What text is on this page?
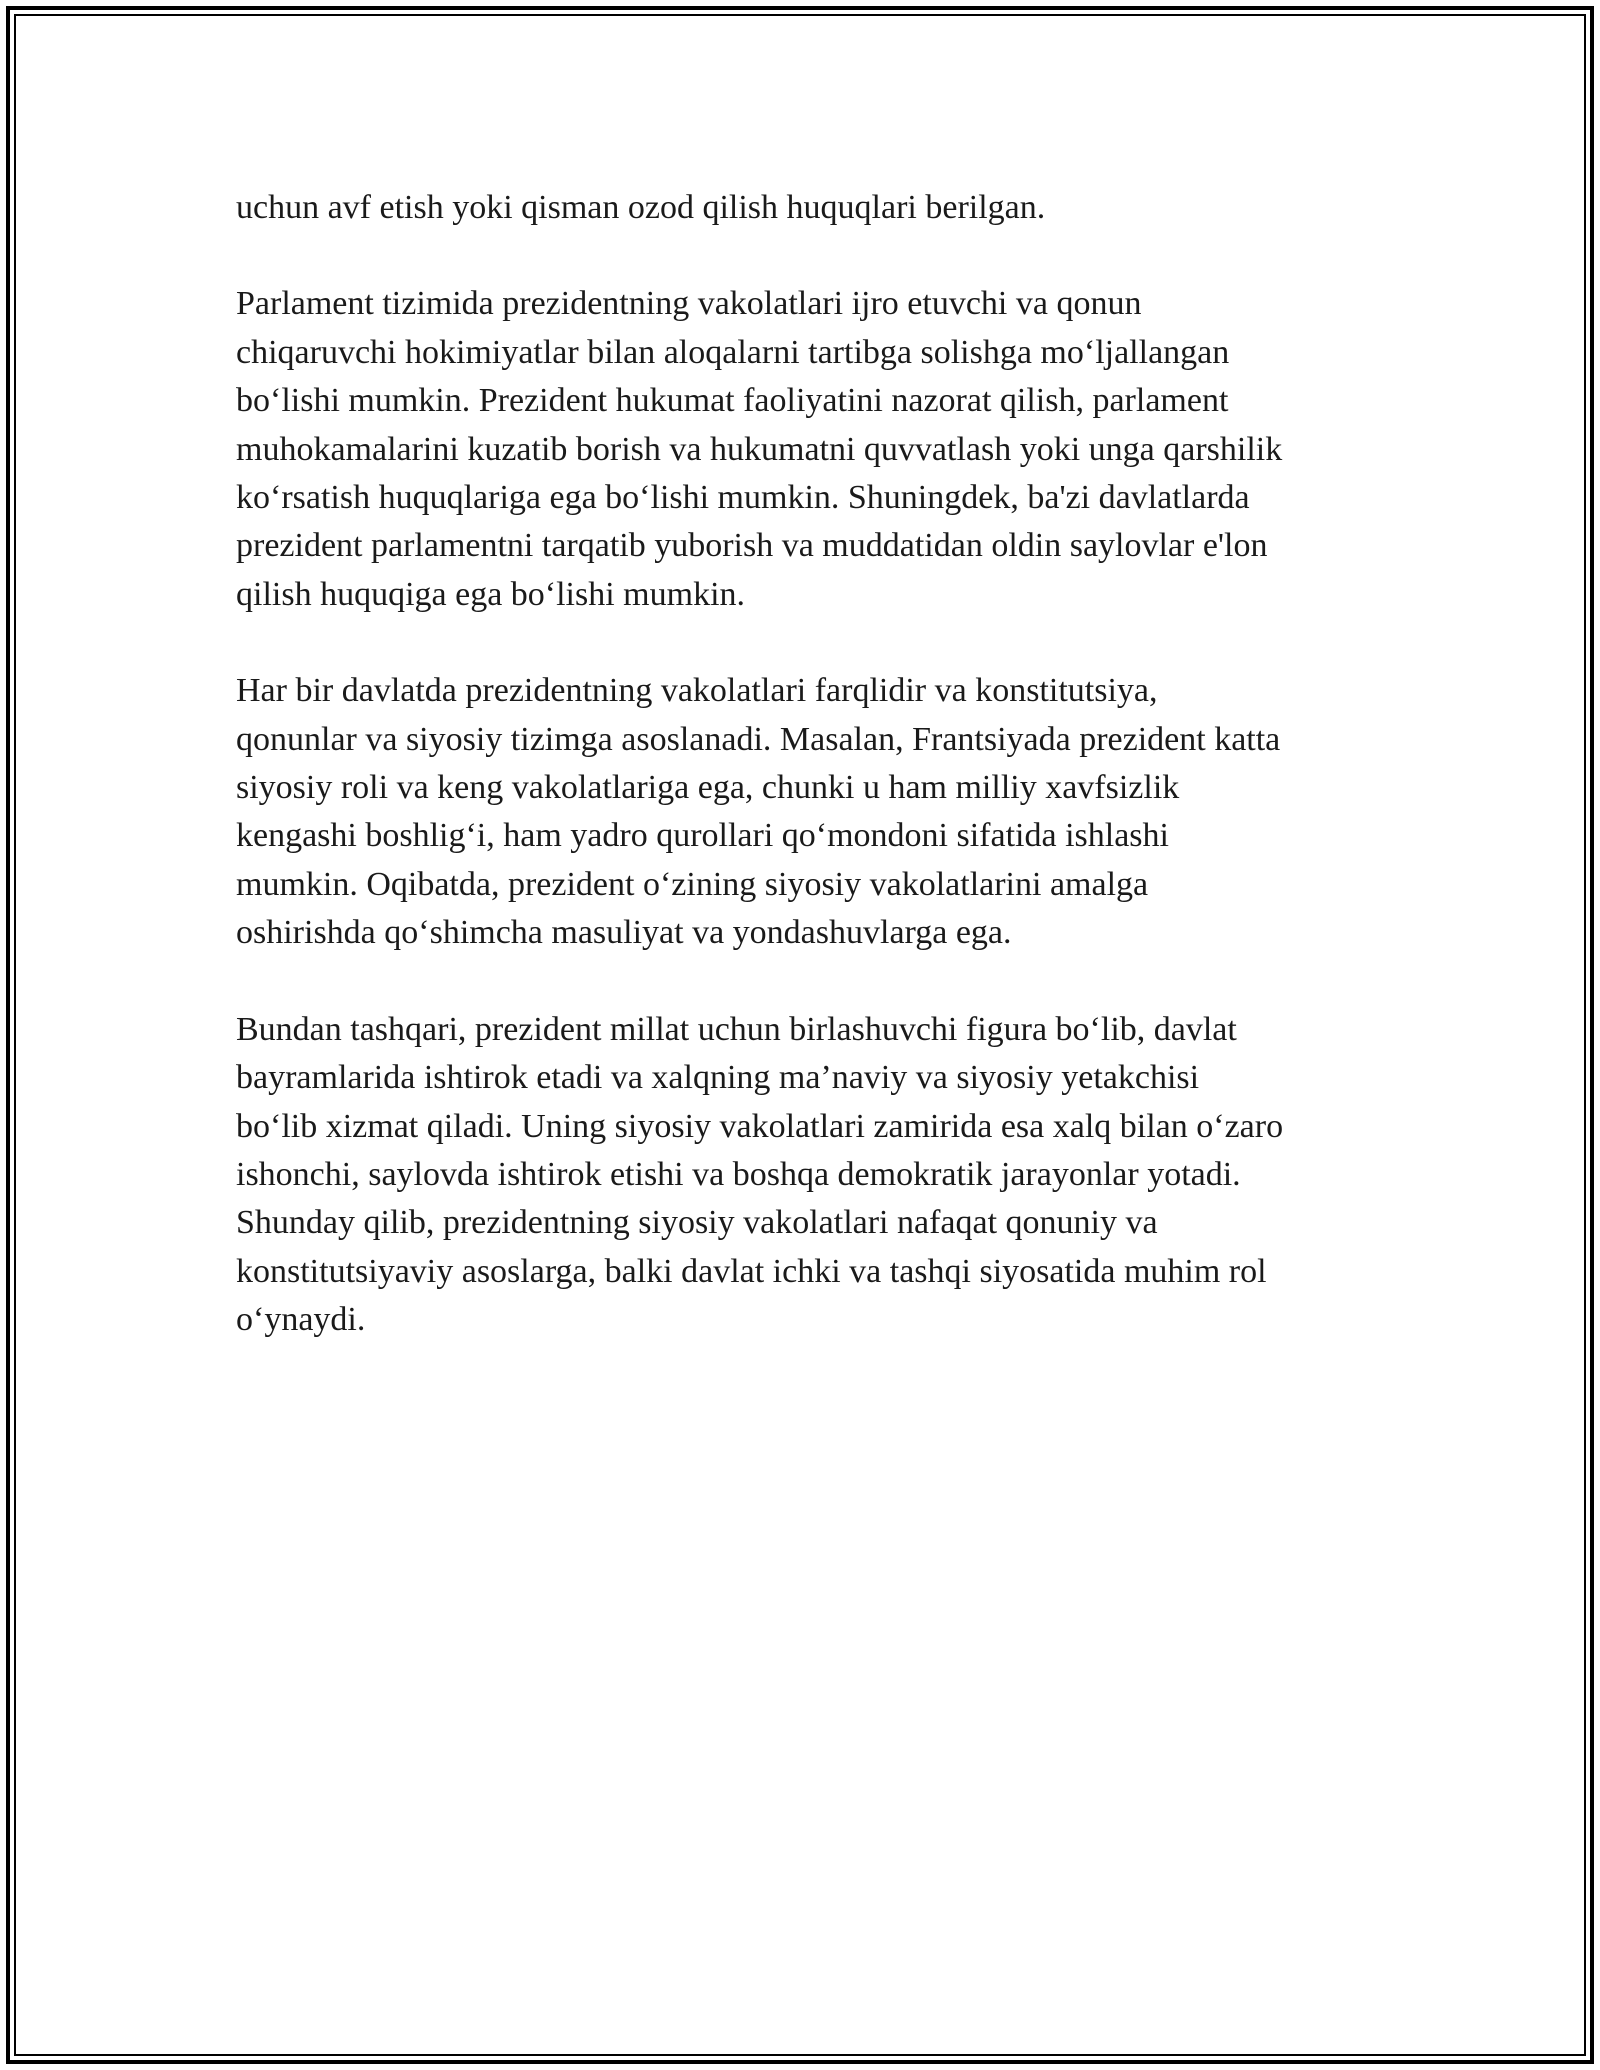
uchun avf etish yoki qisman ozod qilish huquqlari berilgan.

Parlament tizimida prezidentning vakolatlari ijro etuvchi va qonun
chiqaruvchi hokimiyatlar bilan aloqalarni tartibga solishga mo‘ljallangan
bo‘lishi mumkin. Prezident hukumat faoliyatini nazorat qilish, parlament
muhokamalarini kuzatib borish va hukumatni quvvatlash yoki unga qarshilik
ko‘rsatish huquqlariga ega bo‘lishi mumkin. Shuningdek, ba'zi davlatlarda
prezident parlamentni tarqatib yuborish va muddatidan oldin saylovlar e'lon
qilish huquqiga ega bo‘lishi mumkin.

Har bir davlatda prezidentning vakolatlari farqlidir va konstitutsiya,
qonunlar va siyosiy tizimga asoslanadi. Masalan, Frantsiyada prezident katta
siyosiy roli va keng vakolatlariga ega, chunki u ham milliy xavfsizlik
kengashi boshlig‘i, ham yadro qurollari qo‘mondoni sifatida ishlashi
mumkin. Oqibatda, prezident o‘zining siyosiy vakolatlarini amalga
oshirishda qo‘shimcha masuliyat va yondashuvlarga ega.

Bundan tashqari, prezident millat uchun birlashuvchi figura bo‘lib, davlat
bayramlarida ishtirok etadi va xalqning ma’naviy va siyosiy yetakchisi
bo‘lib xizmat qiladi. Uning siyosiy vakolatlari zamirida esa xalq bilan o‘zaro
ishonchi, saylovda ishtirok etishi va boshqa demokratik jarayonlar yotadi.
Shunday qilib, prezidentning siyosiy vakolatlari nafaqat qonuniy va
konstitutsiyaviy asoslarga, balki davlat ichki va tashqi siyosatida muhim rol
o‘ynaydi.
